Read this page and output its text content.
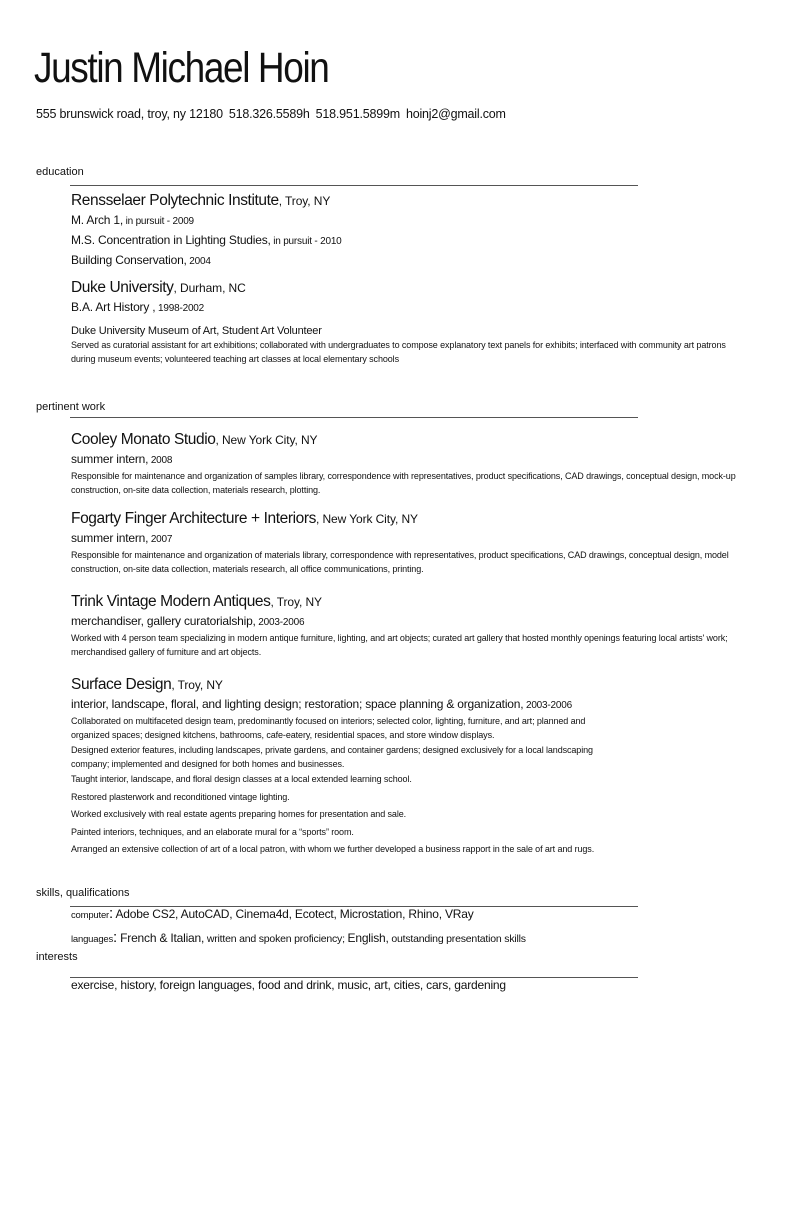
Justin Michael Hoin
555 brunswick road, troy, ny 12180 518.326.5589h 518.951.5899m hoinj2@gmail.com
education
Rensselaer Polytechnic Institute, Troy, NY
M. Arch 1, in pursuit - 2009
M.S. Concentration in Lighting Studies, in pursuit - 2010
Building Conservation, 2004
Duke University, Durham, NC
B.A. Art History , 1998-2002
Duke University Museum of Art, Student Art Volunteer
Served as curatorial assistant for art exhibitions; collaborated with undergraduates to compose explanatory text panels for exhibits; interfaced with community art patrons during museum events; volunteered teaching art classes at local elementary schools
pertinent work
Cooley Monato Studio, New York City, NY
summer intern, 2008
Responsible for maintenance and organization of samples library, correspondence with representatives, product specifications, CAD drawings, conceptual design, mock-up construction, on-site data collection, materials research, plotting.
Fogarty Finger Architecture + Interiors, New York City, NY
summer intern, 2007
Responsible for maintenance and organization of materials library, correspondence with representatives, product specifications, CAD drawings, conceptual design, model construction, on-site data collection, materials research, all office communications, printing.
Trink Vintage Modern Antiques, Troy, NY
merchandiser, gallery curatorialship, 2003-2006
Worked with 4 person team specializing in modern antique furniture, lighting, and art objects; curated art gallery that hosted monthly openings featuring local artists' work; merchandised gallery of furniture and art objects.
Surface Design, Troy, NY
interior, landscape, floral, and lighting design; restoration; space planning & organization, 2003-2006
Collaborated on multifaceted design team, predominantly focused on interiors; selected color, lighting, furniture, and art; planned and organized spaces; designed kitchens, bathrooms, cafe-eatery, residential spaces, and store window displays.
Designed exterior features, including landscapes, private gardens, and container gardens; designed exclusively for a local landscaping company; implemented and designed for both homes and businesses.
Taught interior, landscape, and floral design classes at a local extended learning school.
Restored plasterwork and reconditioned vintage lighting.
Worked exclusively with real estate agents preparing homes for presentation and sale.
Painted interiors, techniques, and an elaborate mural for a “sports” room.
Arranged an extensive collection of art of a local patron, with whom we further developed a business rapport in the sale of art and rugs.
skills, qualifications
computer: Adobe CS2, AutoCAD, Cinema4d, Ecotect, Microstation, Rhino, VRay
languages: French & Italian, written and spoken proficiency; English, outstanding presentation skills
interests
exercise, history, foreign languages, food and drink, music, art, cities, cars, gardening
